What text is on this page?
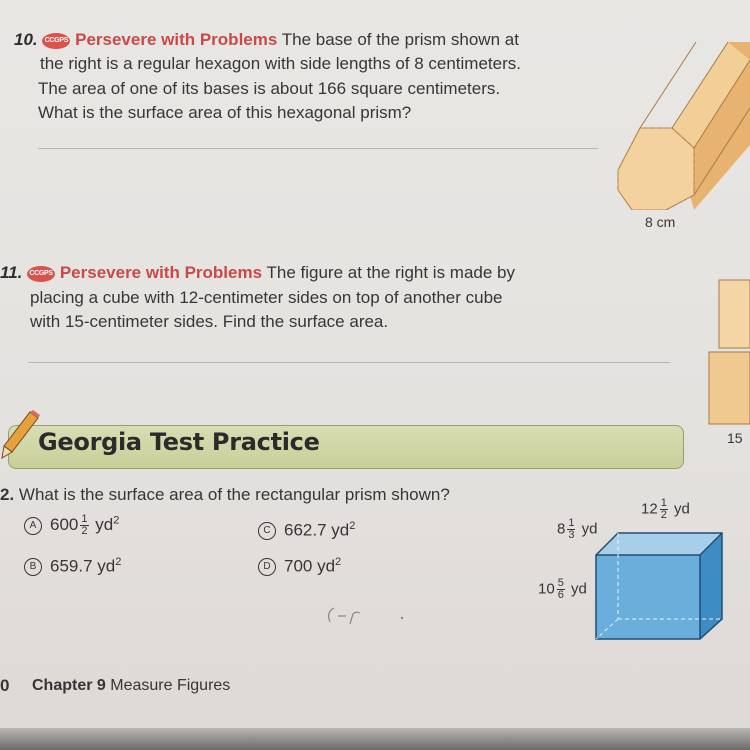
10. CCGPS Persevere with Problems The base of the prism shown at
the right is a regular hexagon with side lengths of 8 centimeters.
The area of one of its bases is about 166 square centimeters.
What is the surface area of this hexagonal prism?
8 cm
11. CCGPS Persevere with Problems The figure at the right is made by
placing a cube with 12-centimeter sides on top of another cube
with 15-centimeter sides. Find the surface area.
15
Georgia Test Practice
2. What is the surface area of the rectangular prism shown?
A $600 \frac{1}{2} yd^2$
B 659.7 $yd^2$
C 662.7 $yd^2$
D 700 $yd^2$
$12 \frac{1}{2}$ yd
$8 \frac{1}{3}$ yd
$10 \frac{5}{6}$ yd
0 Chapter 9 Measure Figures
